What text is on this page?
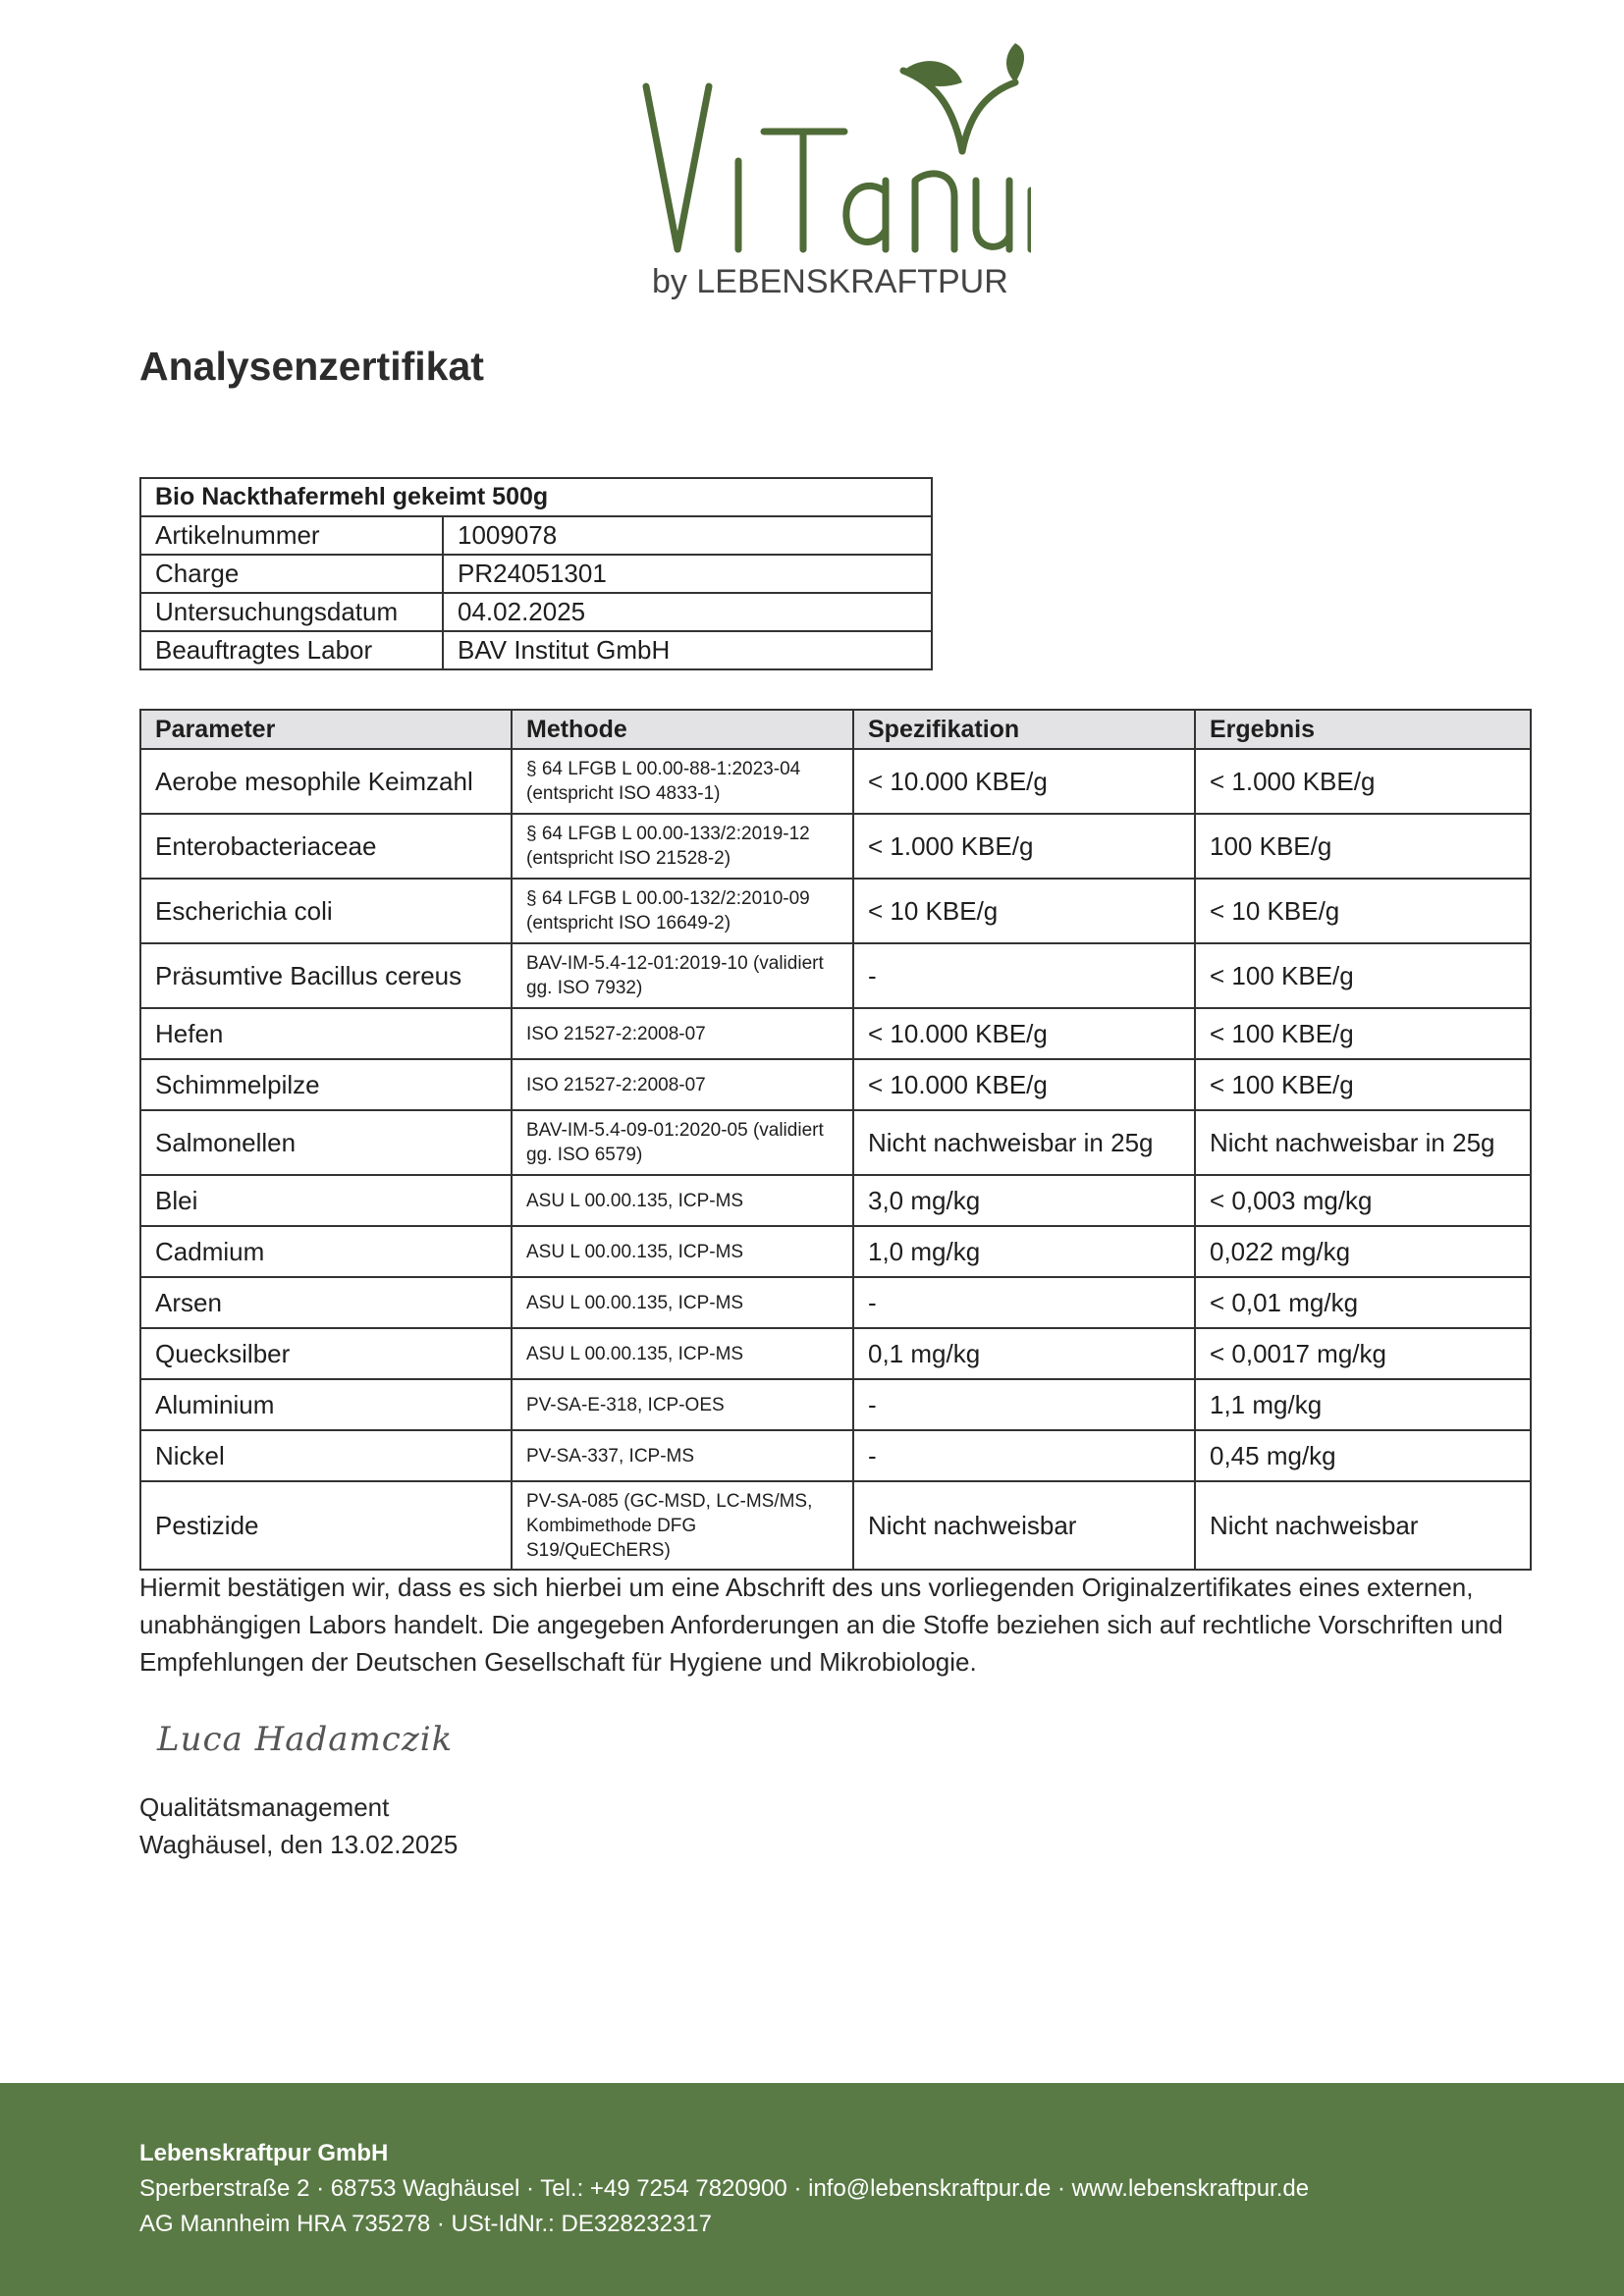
by LEBENSKRAFTPUR
Analysenzertifikat
Bio Nackthafermehl gekeimt 500g	
Artikelnummer	1009078
Charge	PR24051301
Untersuchungsdatum	04.02.2025
Beauftragtes Labor	BAV Institut GmbH
Parameter	Methode	Spezifikation	Ergebnis
Aerobe mesophile Keimzahl	§ 64 LFGB L 00.00-88-1:2023-04 (entspricht ISO 4833-1)	< 10.000 KBE/g	< 1.000 KBE/g
Enterobacteriaceae	§ 64 LFGB L 00.00-133/2:2019-12 (entspricht ISO 21528-2)	< 1.000 KBE/g	100 KBE/g
Escherichia coli	§ 64 LFGB L 00.00-132/2:2010-09 (entspricht ISO 16649-2)	< 10 KBE/g	< 10 KBE/g
Präsumtive Bacillus cereus	BAV-IM-5.4-12-01:2019-10 (validiert gg. ISO 7932)	-	< 100 KBE/g
Hefen	ISO 21527-2:2008-07	< 10.000 KBE/g	< 100 KBE/g
Schimmelpilze	ISO 21527-2:2008-07	< 10.000 KBE/g	< 100 KBE/g
Salmonellen	BAV-IM-5.4-09-01:2020-05 (validiert gg. ISO 6579)	Nicht nachweisbar in 25g	Nicht nachweisbar in 25g
Blei	ASU L 00.00.135, ICP-MS	3,0 mg/kg	< 0,003 mg/kg
Cadmium	ASU L 00.00.135, ICP-MS	1,0 mg/kg	0,022 mg/kg
Arsen	ASU L 00.00.135, ICP-MS	-	< 0,01 mg/kg
Quecksilber	ASU L 00.00.135, ICP-MS	0,1 mg/kg	< 0,0017 mg/kg
Aluminium	PV-SA-E-318, ICP-OES	-	1,1 mg/kg
Nickel	PV-SA-337, ICP-MS	-	0,45 mg/kg
Pestizide	PV-SA-085 (GC-MSD, LC-MS/MS, Kombimethode DFG S19/QuEChERS)	Nicht nachweisbar	Nicht nachweisbar

Hiermit bestätigen wir, dass es sich hierbei um eine Abschrift des uns vorliegenden Originalzertifikates eines externen, unabhängigen Labors handelt. Die angegeben Anforderungen an die Stoffe beziehen sich auf rechtliche Vorschriften und Empfehlungen der Deutschen Gesellschaft für Hygiene und Mikrobiologie.

Luca Hadamczik
Qualitätsmanagement
Waghäusel, den 13.02.2025
Lebenskraftpur GmbH
Sperberstraße 2 · 68753 Waghäusel · Tel.: +49 7254 7820900 · info@lebenskraftpur.de · www.lebenskraftpur.de
AG Mannheim HRA 735278 · USt-IdNr.: DE328232317
